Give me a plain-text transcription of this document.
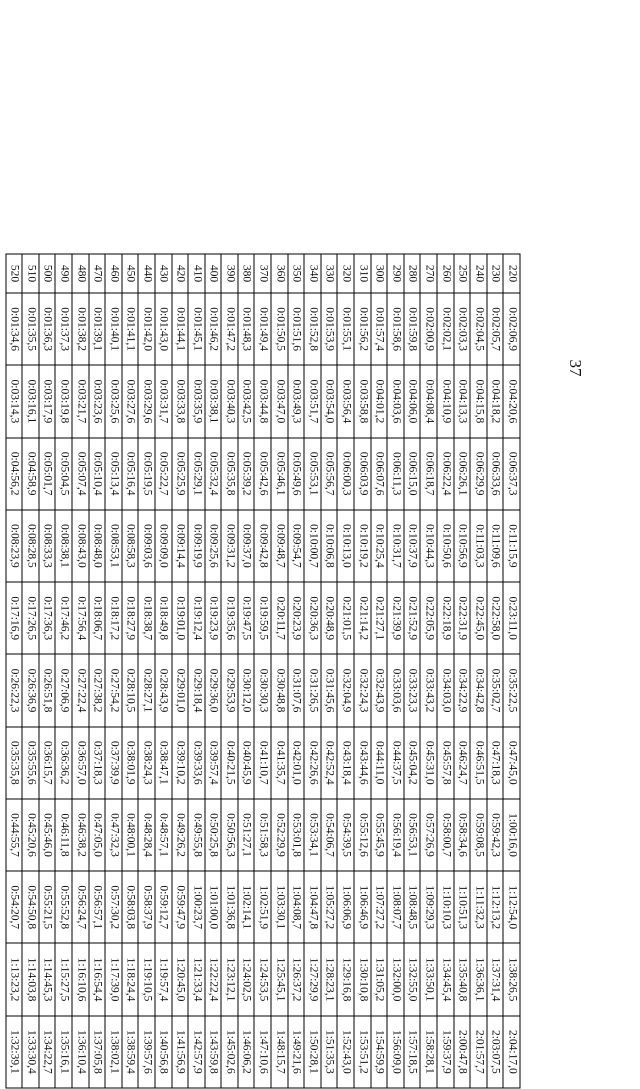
37
220	0:02:06,9	0:04:20,6	0:06:37,3	0:11:15,9	0:23:11,0	0:35:22,5	0:47:45,0	1:00:16,0	1:12:54,0	1:38:26,5	2:04:17,0
230	0:02:05,7	0:04:18,2	0:06:33,6	0:11:09,6	0:22:58,0	0:35:02,7	0:47:18,3	0:59:42,3	1:12:13,2	1:37:31,4	2:03:07,5
240	0:02:04,5	0:04:15,8	0:06:29,9	0:11:03,3	0:22:45,0	0:34:42,8	0:46:51,5	0:59:08,5	1:11:32,3	1:36:36,1	2:01:57,7
250	0:02:03,3	0:04:13,3	0:06:26,1	0:10:56,9	0:22:31,9	0:34:22,9	0:46:24,7	0:58:34,6	1:10:51,3	1:35:40,8	2:00:47,8
260	0:02:02,1	0:04:10,9	0:06:22,4	0:10:50,6	0:22:18,9	0:34:03,0	0:45:57,8	0:58:00,7	1:10:10,3	1:34:45,4	1:59:37,9
270	0:02:00,9	0:04:08,4	0:06:18,7	0:10:44,3	0:22:05,9	0:33:43,2	0:45:31,0	0:57:26,9	1:09:29,3	1:33:50,1	1:58:28,1
280	0:01:59,8	0:04:06,0	0:06:15,0	0:10:37,9	0:21:52,9	0:33:23,3	0:45:04,2	0:56:53,1	1:08:48,5	1:32:55,0	1:57:18,5
290	0:01:58,6	0:04:03,6	0:06:11,3	0:10:31,7	0:21:39,9	0:33:03,6	0:44:37,5	0:56:19,4	1:08:07,7	1:32:00,0	1:56:09,0
300	0:01:57,4	0:04:01,2	0:06:07,6	0:10:25,4	0:21:27,1	0:32:43,9	0:44:11,0	0:55:45,9	1:07:27,2	1:31:05,2	1:54:59,9
310	0:01:56,2	0:03:58,8	0:06:03,9	0:10:19,2	0:21:14,2	0:32:24,3	0:43:44,6	0:55:12,6	1:06:46,9	1:30:10,8	1:53:51,2
320	0:01:55,1	0:03:56,4	0:06:00,3	0:10:13,0	0:21:01,5	0:32:04,9	0:43:18,4	0:54:39,5	1:06:06,9	1:29:16,8	1:52:43,0
330	0:01:53,9	0:03:54,0	0:05:56,7	0:10:06,8	0:20:48,9	0:31:45,6	0:42:52,4	0:54:06,7	1:05:27,2	1:28:23,1	1:51:35,3
340	0:01:52,8	0:03:51,7	0:05:53,1	0:10:00,7	0:20:36,3	0:31:26,5	0:42:26,6	0:53:34,1	1:04:47,8	1:27:29,9	1:50:28,1
350	0:01:51,6	0:03:49,3	0:05:49,6	0:09:54,7	0:20:23,9	0:31:07,6	0:42:01,0	0:53:01,8	1:04:08,7	1:26:37,2	1:49:21,6
360	0:01:50,5	0:03:47,0	0:05:46,1	0:09:48,7	0:20:11,7	0:30:48,8	0:41:35,7	0:52:29,9	1:03:30,1	1:25:45,1	1:48:15,7
370	0:01:49,4	0:03:44,8	0:05:42,6	0:09:42,8	0:19:59,5	0:30:30,3	0:41:10,7	0:51:58,3	1:02:51,9	1:24:53,5	1:47:10,6
380	0:01:48,3	0:03:42,5	0:05:39,2	0:09:37,0	0:19:47,5	0:30:12,0	0:40:45,9	0:51:27,1	1:02:14,1	1:24:02,5	1:46:06,2
390	0:01:47,2	0:03:40,3	0:05:35,8	0:09:31,2	0:19:35,6	0:29:53,9	0:40:21,5	0:50:56,3	1:01:36,8	1:23:12,1	1:45:02,6
400	0:01:46,2	0:03:38,1	0:05:32,4	0:09:25,6	0:19:23,9	0:29:36,0	0:39:57,4	0:50:25,8	1:01:00,0	1:22:22,4	1:43:59,8
410	0:01:45,1	0:03:35,9	0:05:29,1	0:09:19,9	0:19:12,4	0:29:18,4	0:39:33,6	0:49:55,8	1:00:23,7	1:21:33,4	1:42:57,9
420	0:01:44,1	0:03:33,8	0:05:25,9	0:09:14,4	0:19:01,0	0:29:01,0	0:39:10,2	0:49:26,2	0:59:47,9	1:20:45,0	1:41:56,9
430	0:01:43,0	0:03:31,7	0:05:22,7	0:09:09,0	0:18:49,8	0:28:43,9	0:38:47,1	0:48:57,1	0:59:12,7	1:19:57,4	1:40:56,8
440	0:01:42,0	0:03:29,6	0:05:19,5	0:09:03,6	0:18:38,7	0:28:27,1	0:38:24,3	0:48:28,4	0:58:37,9	1:19:10,5	1:39:57,6
450	0:01:41,1	0:03:27,6	0:05:16,4	0:08:58,3	0:18:27,9	0:28:10,5	0:38:01,9	0:48:00,1	0:58:03,8	1:18:24,4	1:38:59,4
460	0:01:40,1	0:03:25,6	0:05:13,4	0:08:53,1	0:18:17,2	0:27:54,2	0:37:39,9	0:47:32,3	0:57:30,2	1:17:39,0	1:38:02,1
470	0:01:39,1	0:03:23,6	0:05:10,4	0:08:48,0	0:18:06,7	0:27:38,2	0:37:18,3	0:47:05,0	0:56:57,1	1:16:54,4	1:37:05,8
480	0:01:38,2	0:03:21,7	0:05:07,4	0:08:43,0	0:17:56,4	0:27:22,4	0:36:57,0	0:46:38,2	0:56:24,7	1:16:10,6	1:36:10,4
490	0:01:37,3	0:03:19,8	0:05:04,5	0:08:38,1	0:17:46,2	0:27:06,9	0:36:36,2	0:46:11,8	0:55:52,8	1:15:27,5	1:35:16,1
500	0:01:36,3	0:03:17,9	0:05:01,7	0:08:33,3	0:17:36,3	0:26:51,8	0:36:15,7	0:45:46,0	0:55:21,5	1:14:45,3	1:34:22,7
510	0:01:35,5	0:03:16,1	0:04:58,9	0:08:28,5	0:17:26,5	0:26:36,9	0:35:55,6	0:45:20,6	0:54:50,8	1:14:03,8	1:33:30,4
520	0:01:34,6	0:03:14,3	0:04:56,2	0:08:23,9	0:17:16,9	0:26:22,3	0:35:35,8	0:44:55,7	0:54:20,7	1:13:23,2	1:32:39,1
